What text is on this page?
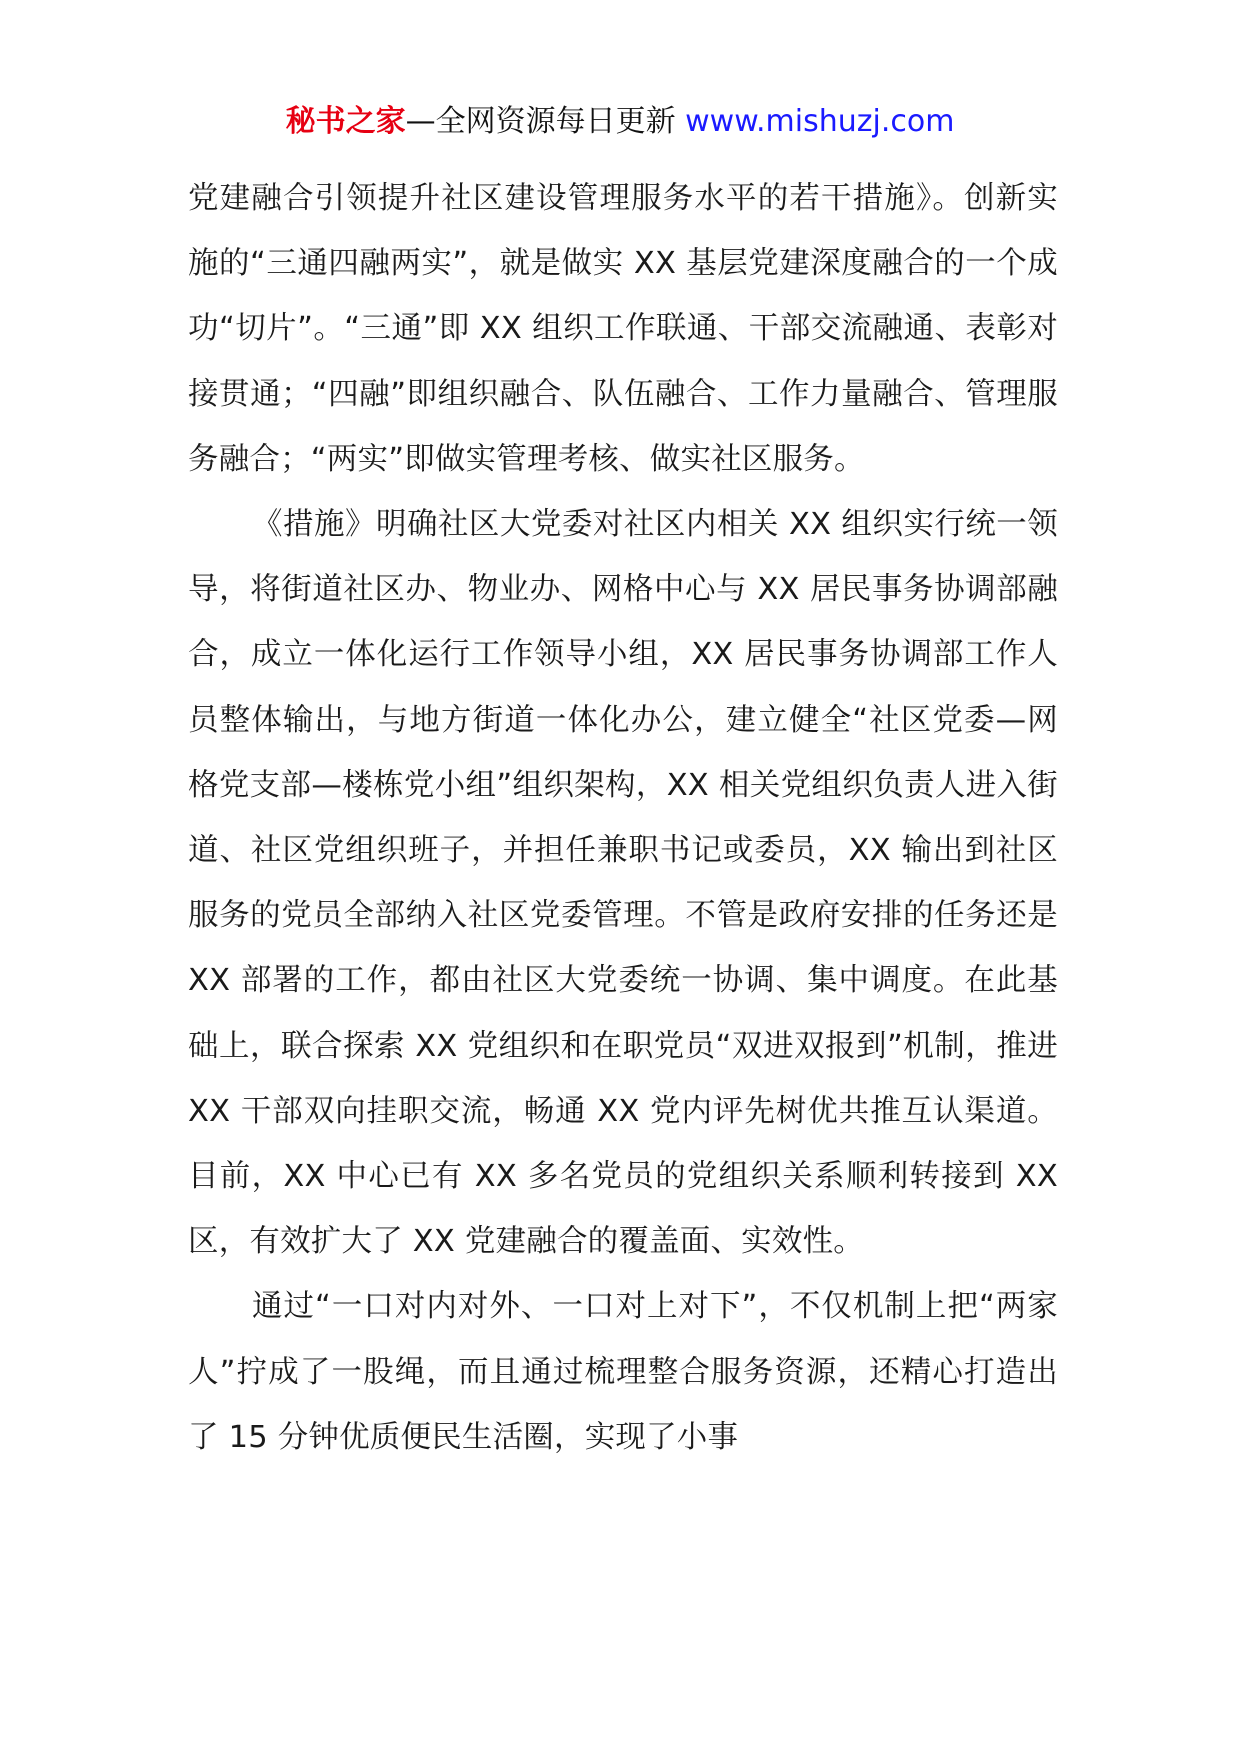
秘书之家—全网资源每日更新 www.mishuzj.com

党建融合引领提升社区建设管理服务水平的若干措施》。创新实施的“三通四融两实”，就是做实 XX 基层党建深度融合的一个成功“切片”。“三通”即 XX 组织工作联通、干部交流融通、表彰对接贯通；“四融”即组织融合、队伍融合、工作力量融合、管理服务融合；“两实”即做实管理考核、做实社区服务。

《措施》明确社区大党委对社区内相关 XX 组织实行统一领导，将街道社区办、物业办、网格中心与 XX 居民事务协调部融合，成立一体化运行工作领导小组，XX 居民事务协调部工作人员整体输出，与地方街道一体化办公，建立健全“社区党委—网格党支部—楼栋党小组”组织架构，XX 相关党组织负责人进入街道、社区党组织班子，并担任兼职书记或委员，XX 输出到社区服务的党员全部纳入社区党委管理。不管是政府安排的任务还是 XX 部署的工作，都由社区大党委统一协调、集中调度。在此基础上，联合探索 XX 党组织和在职党员“双进双报到”机制，推进 XX 干部双向挂职交流，畅通 XX 党内评先树优共推互认渠道。目前，XX 中心已有 XX 多名党员的党组织关系顺利转接到 XX 区，有效扩大了 XX 党建融合的覆盖面、实效性。

通过“一口对内对外、一口对上对下”，不仅机制上把“两家人”拧成了一股绳，而且通过梳理整合服务资源，还精心打造出了 15 分钟优质便民生活圈，实现了小事
